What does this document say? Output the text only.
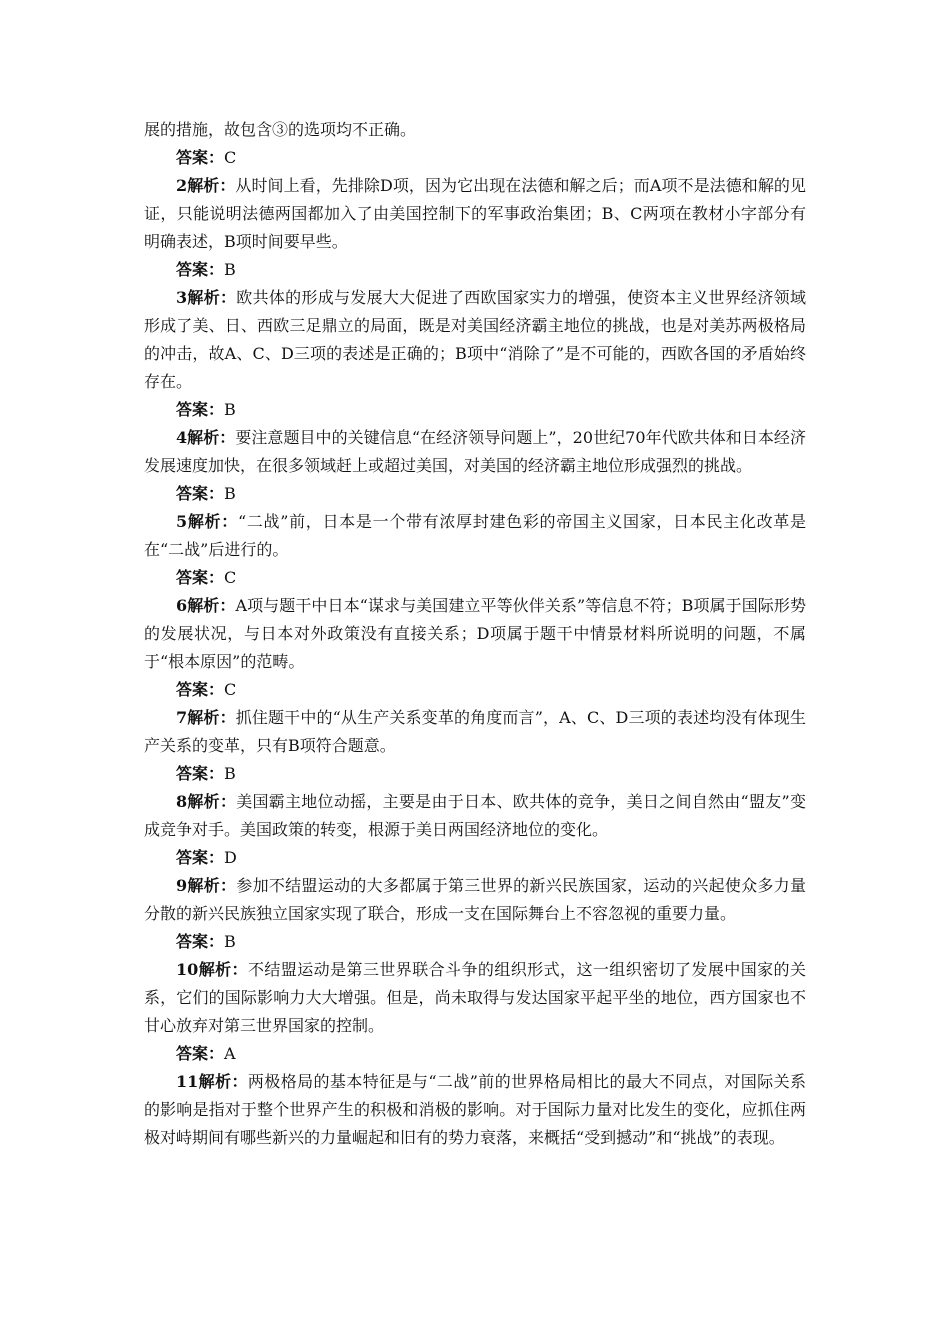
展的措施，故包含③的选项均不正确。

答案：C

2解析：从时间上看，先排除D项，因为它出现在法德和解之后；而A项不是法德和解的见证，只能说明法德两国都加入了由美国控制下的军事政治集团；B、C两项在教材小字部分有明确表述，B项时间要早些。

答案：B

3解析：欧共体的形成与发展大大促进了西欧国家实力的增强，使资本主义世界经济领域形成了美、日、西欧三足鼎立的局面，既是对美国经济霸主地位的挑战，也是对美苏两极格局的冲击，故A、C、D三项的表述是正确的；B项中“消除了”是不可能的，西欧各国的矛盾始终存在。

答案：B

4解析：要注意题目中的关键信息“在经济领导问题上”，20世纪70年代欧共体和日本经济发展速度加快，在很多领域赶上或超过美国，对美国的经济霸主地位形成强烈的挑战。

答案：B

5解析：“二战”前，日本是一个带有浓厚封建色彩的帝国主义国家，日本民主化改革是在“二战”后进行的。

答案：C

6解析：A项与题干中日本“谋求与美国建立平等伙伴关系”等信息不符；B项属于国际形势的发展状况，与日本对外政策没有直接关系；D项属于题干中情景材料所说明的问题，不属于“根本原因”的范畴。

答案：C

7解析：抓住题干中的“从生产关系变革的角度而言”，A、C、D三项的表述均没有体现生产关系的变革，只有B项符合题意。

答案：B

8解析：美国霸主地位动摇，主要是由于日本、欧共体的竞争，美日之间自然由“盟友”变成竞争对手。美国政策的转变，根源于美日两国经济地位的变化。

答案：D

9解析：参加不结盟运动的大多都属于第三世界的新兴民族国家，运动的兴起使众多力量分散的新兴民族独立国家实现了联合，形成一支在国际舞台上不容忽视的重要力量。

答案：B

10解析：不结盟运动是第三世界联合斗争的组织形式，这一组织密切了发展中国家的关系，它们的国际影响力大大增强。但是，尚未取得与发达国家平起平坐的地位，西方国家也不甘心放弃对第三世界国家的控制。

答案：A

11解析：两极格局的基本特征是与“二战”前的世界格局相比的最大不同点，对国际关系的影响是指对于整个世界产生的积极和消极的影响。对于国际力量对比发生的变化，应抓住两极对峙期间有哪些新兴的力量崛起和旧有的势力衰落，来概括“受到撼动”和“挑战”的表现。
